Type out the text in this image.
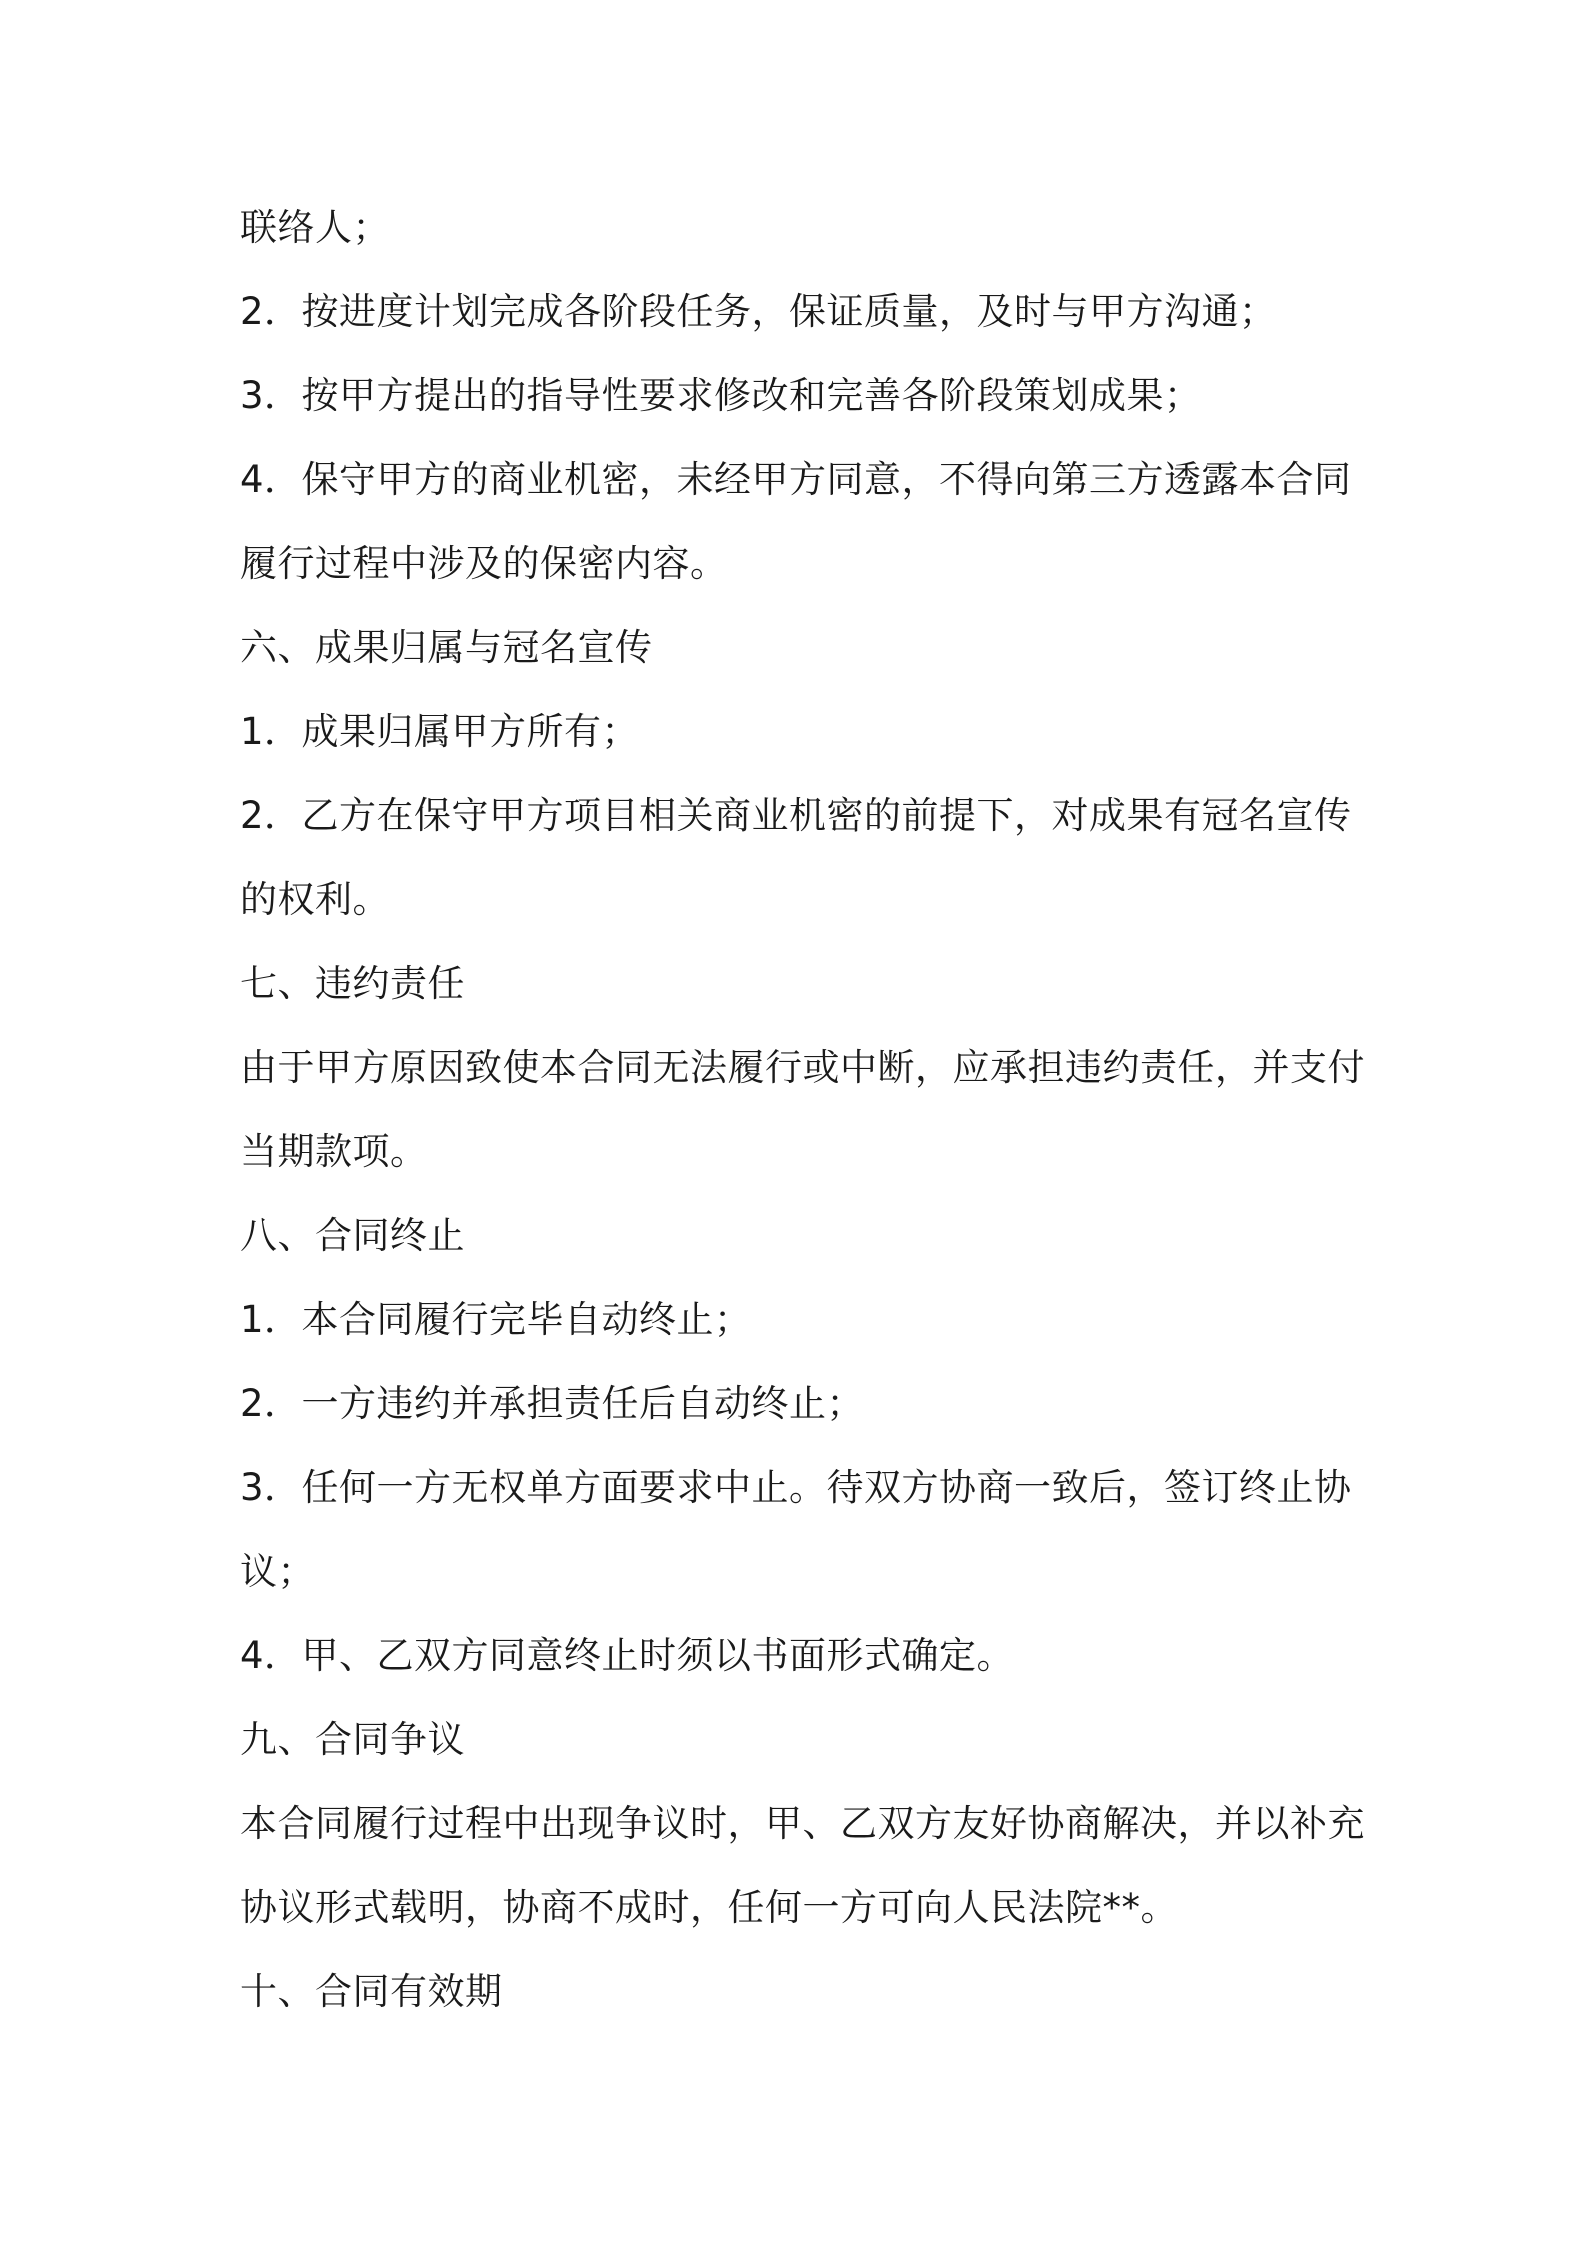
联络人；
2．按进度计划完成各阶段任务，保证质量，及时与甲方沟通；
3．按甲方提出的指导性要求修改和完善各阶段策划成果；
4．保守甲方的商业机密，未经甲方同意，不得向第三方透露本合同
履行过程中涉及的保密内容。
六、成果归属与冠名宣传
1．成果归属甲方所有；
2．乙方在保守甲方项目相关商业机密的前提下，对成果有冠名宣传
的权利。
七、违约责任
由于甲方原因致使本合同无法履行或中断，应承担违约责任，并支付
当期款项。
八、合同终止
1．本合同履行完毕自动终止；
2．一方违约并承担责任后自动终止；
3．任何一方无权单方面要求中止。待双方协商一致后，签订终止协
议；
4．甲、乙双方同意终止时须以书面形式确定。
九、合同争议
本合同履行过程中出现争议时，甲、乙双方友好协商解决，并以补充
协议形式载明，协商不成时，任何一方可向人民法院**。
十、合同有效期
